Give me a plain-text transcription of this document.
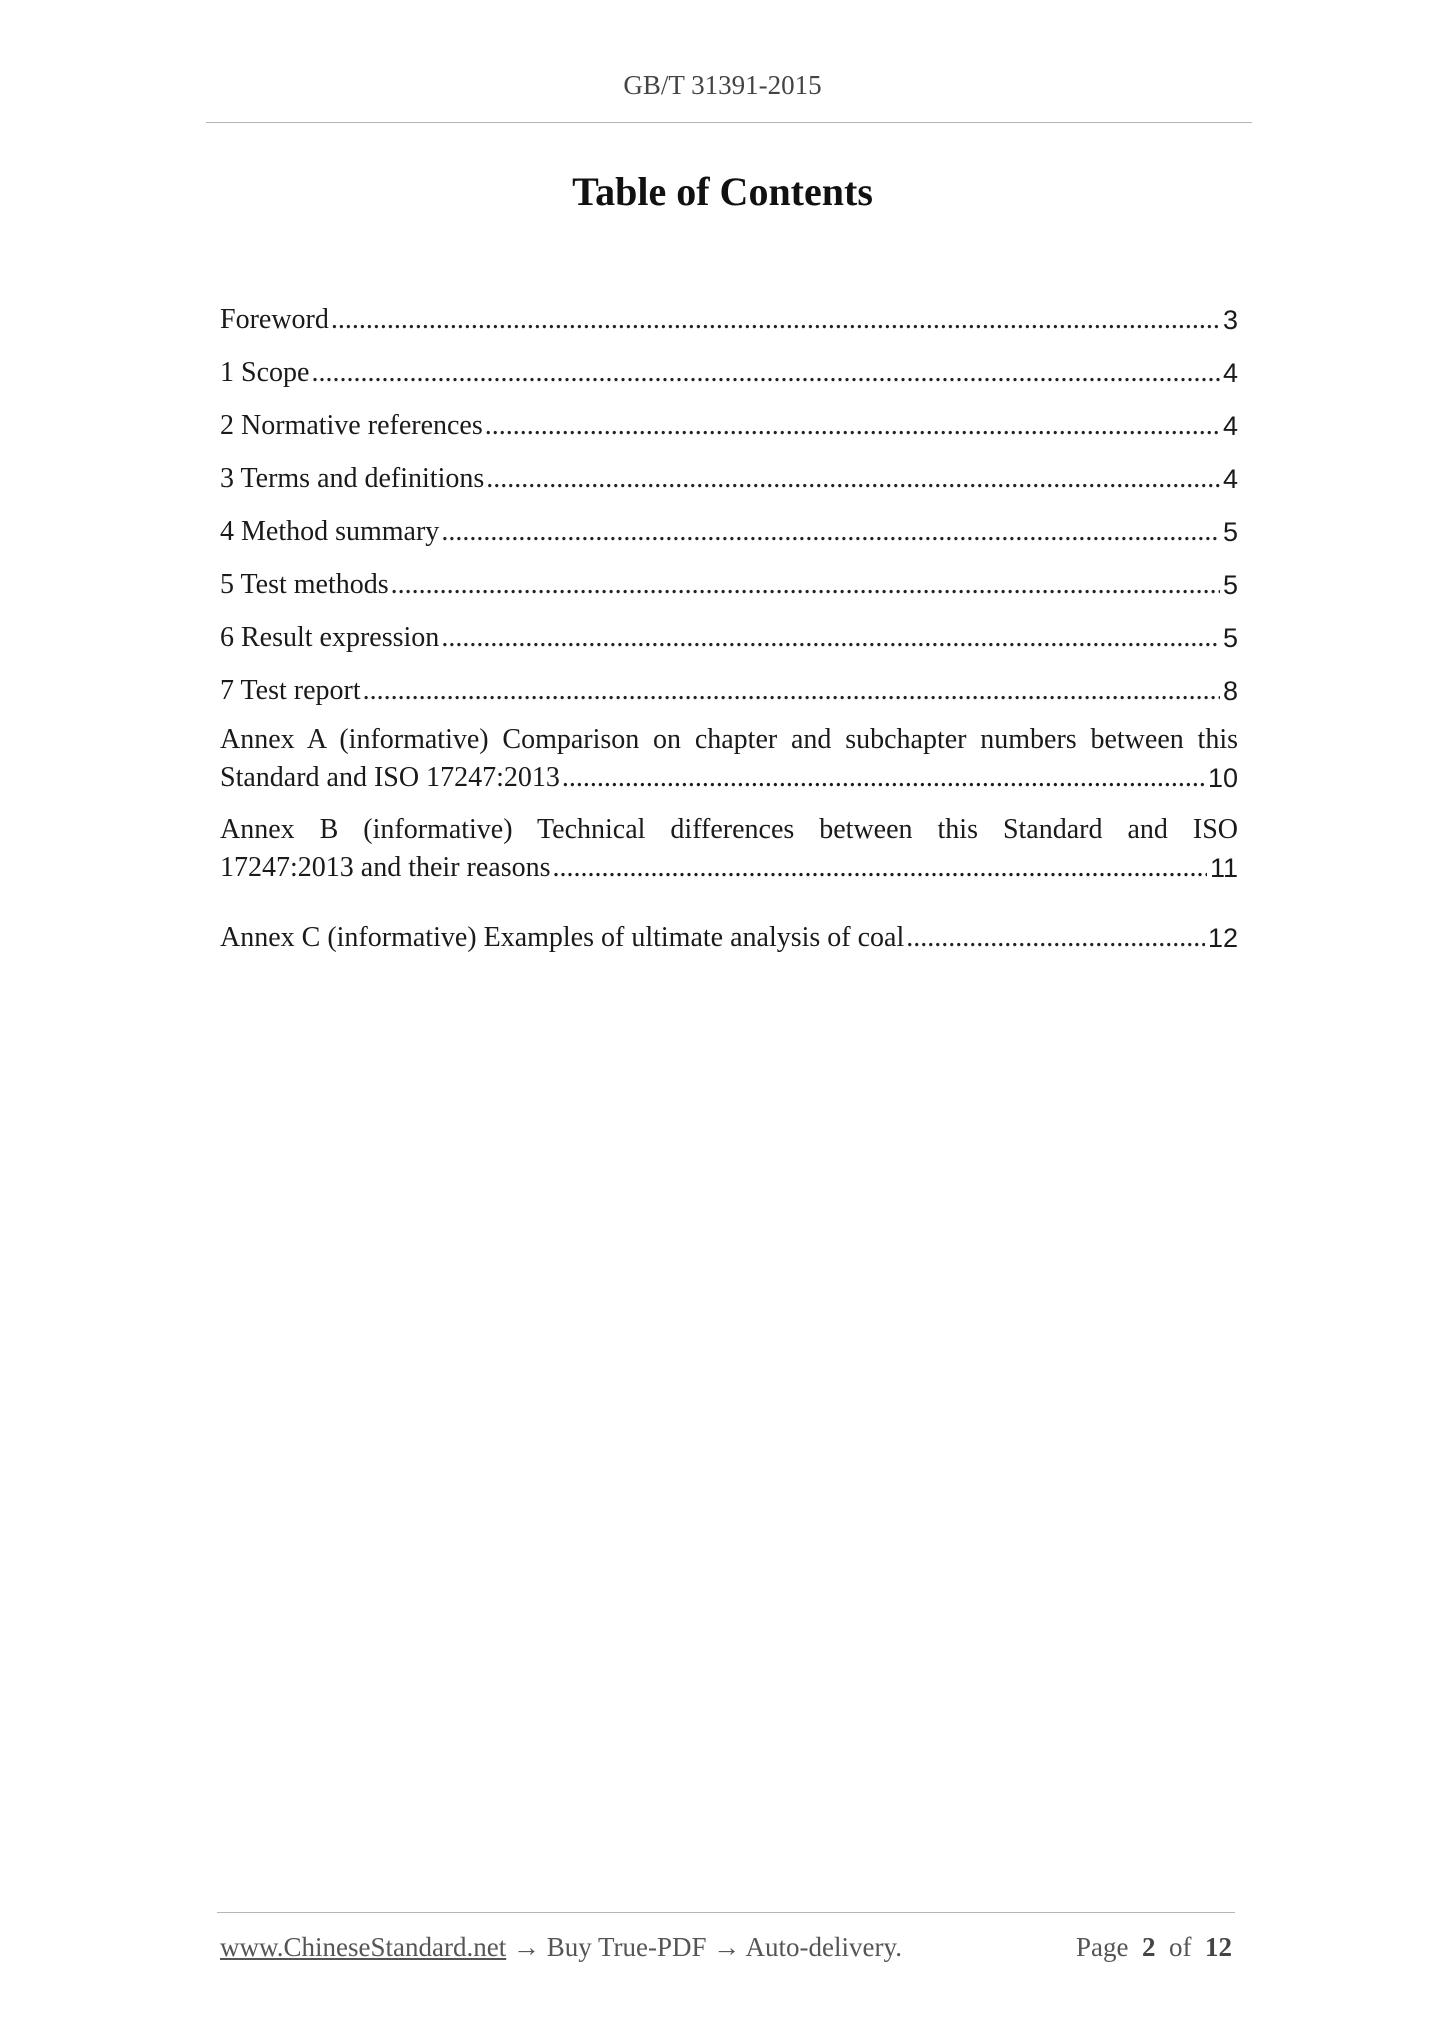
GB/T 31391-2015
Table of Contents
Foreword .....	3
1 Scope .....	4
2 Normative references .....	4
3 Terms and definitions .....	4
4 Method summary .....	5
5 Test methods .....	5
6 Result expression .....	5
7 Test report .....	8
Annex A (informative) Comparison on chapter and subchapter numbers between this
Standard and ISO 17247:2013 .....	10
Annex B (informative) Technical differences between this Standard and ISO
17247:2013 and their reasons .....	11
Annex C (informative) Examples of ultimate analysis of coal .....	12
www.ChineseStandard.net → Buy True-PDF → Auto-delivery.	Page 2 of 12
